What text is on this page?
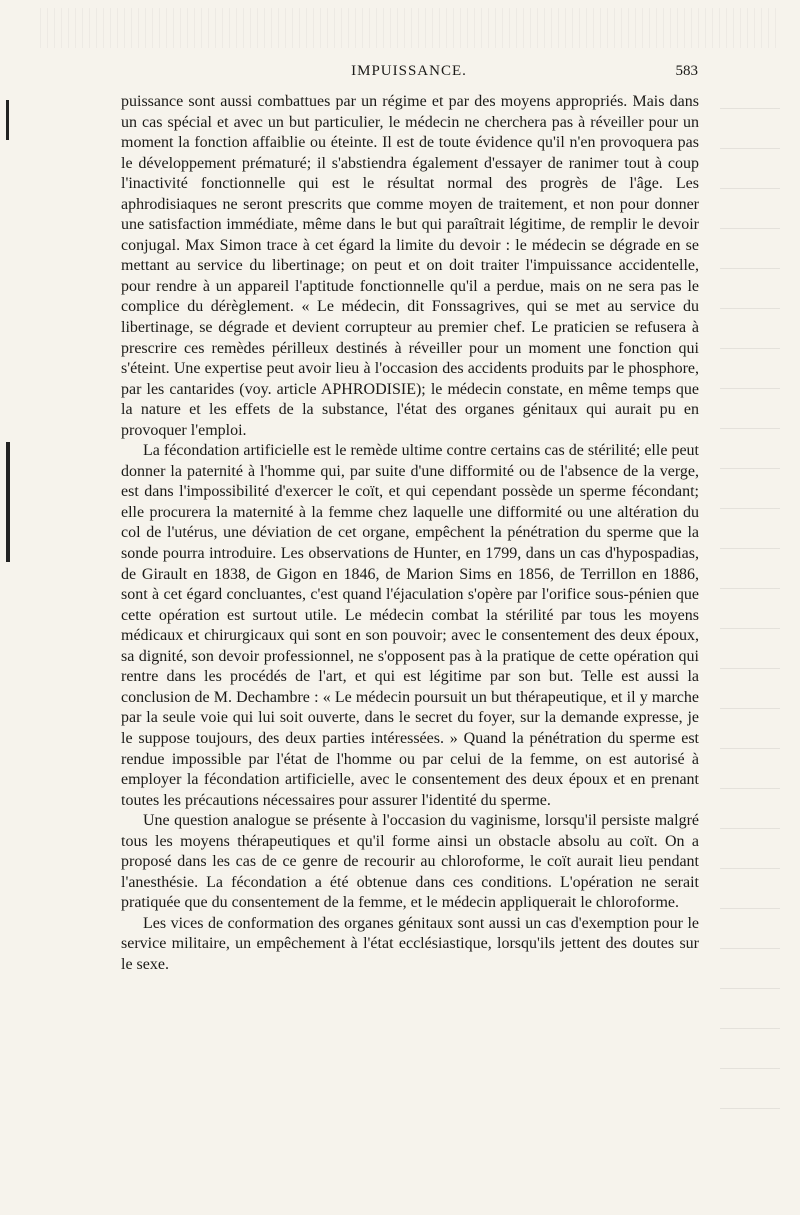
IMPUISSANCE.	583

puissance sont aussi combattues par un régime et par des moyens appropriés. Mais dans un cas spécial et avec un but particulier, le médecin ne cherchera pas à réveiller pour un moment la fonction affaiblie ou éteinte. Il est de toute évidence qu'il n'en provoquera pas le développement prématuré; il s'abstiendra également d'essayer de ranimer tout à coup l'inactivité fonctionnelle qui est le résultat normal des progrès de l'âge. Les aphrodisiaques ne seront prescrits que comme moyen de traitement, et non pour donner une satisfaction immédiate, même dans le but qui paraîtrait légitime, de remplir le devoir conjugal. Max Simon trace à cet égard la limite du devoir : le médecin se dégrade en se mettant au service du libertinage; on peut et on doit traiter l'impuissance accidentelle, pour rendre à un appareil l'aptitude fonctionnelle qu'il a perdue, mais on ne sera pas le complice du dérèglement. « Le médecin, dit Fonssagrives, qui se met au service du libertinage, se dégrade et devient corrupteur au premier chef. Le praticien se refusera à prescrire ces remèdes périlleux destinés à réveiller pour un moment une fonction qui s'éteint. Une expertise peut avoir lieu à l'occasion des accidents produits par le phosphore, par les cantarides (voy. article APHRODISIE); le médecin constate, en même temps que la nature et les effets de la substance, l'état des organes génitaux qui aurait pu en provoquer l'emploi.

La fécondation artificielle est le remède ultime contre certains cas de stérilité; elle peut donner la paternité à l'homme qui, par suite d'une difformité ou de l'absence de la verge, est dans l'impossibilité d'exercer le coït, et qui cependant possède un sperme fécondant; elle procurera la maternité à la femme chez laquelle une difformité ou une altération du col de l'utérus, une déviation de cet organe, empêchent la pénétration du sperme que la sonde pourra introduire. Les observations de Hunter, en 1799, dans un cas d'hypospadias, de Girault en 1838, de Gigon en 1846, de Marion Sims en 1856, de Terrillon en 1886, sont à cet égard concluantes, c'est quand l'éjaculation s'opère par l'orifice sous-pénien que cette opération est surtout utile. Le médecin combat la stérilité par tous les moyens médicaux et chirurgicaux qui sont en son pouvoir; avec le consentement des deux époux, sa dignité, son devoir professionnel, ne s'opposent pas à la pratique de cette opération qui rentre dans les procédés de l'art, et qui est légitime par son but. Telle est aussi la conclusion de M. Dechambre : « Le médecin poursuit un but thérapeutique, et il y marche par la seule voie qui lui soit ouverte, dans le secret du foyer, sur la demande expresse, je le suppose toujours, des deux parties intéressées. » Quand la pénétration du sperme est rendue impossible par l'état de l'homme ou par celui de la femme, on est autorisé à employer la fécondation artificielle, avec le consentement des deux époux et en prenant toutes les précautions nécessaires pour assurer l'identité du sperme.

Une question analogue se présente à l'occasion du vaginisme, lorsqu'il persiste malgré tous les moyens thérapeutiques et qu'il forme ainsi un obstacle absolu au coït. On a proposé dans les cas de ce genre de recourir au chloroforme, le coït aurait lieu pendant l'anesthésie. La fécondation a été obtenue dans ces conditions. L'opération ne serait pratiquée que du consentement de la femme, et le médecin appliquerait le chloroforme.

Les vices de conformation des organes génitaux sont aussi un cas d'exemption pour le service militaire, un empêchement à l'état ecclésiastique, lorsqu'ils jettent des doutes sur le sexe.
